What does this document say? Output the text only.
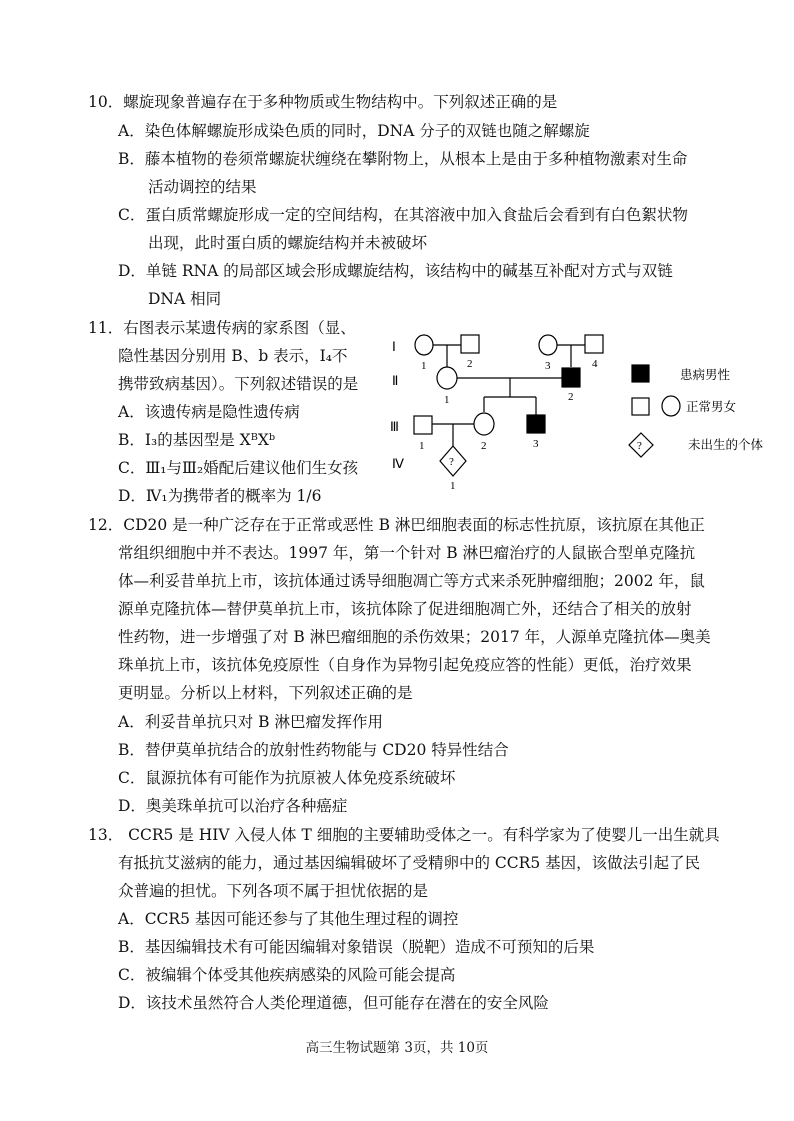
10．螺旋现象普遍存在于多种物质或生物结构中。下列叙述正确的是
A．染色体解螺旋形成染色质的同时，DNA 分子的双链也随之解螺旋
B．藤本植物的卷须常螺旋状缠绕在攀附物上，从根本上是由于多种植物激素对生命
活动调控的结果
C．蛋白质常螺旋形成一定的空间结构，在其溶液中加入食盐后会看到有白色絮状物
出现，此时蛋白质的螺旋结构并未被破坏
D．单链 RNA 的局部区域会形成螺旋结构，该结构中的碱基互补配对方式与双链
DNA 相同
11．右图表示某遗传病的家系图（显、
隐性基因分别用 B、b 表示，Ⅰ₄不
携带致病基因）。下列叙述错误的是
A．该遗传病是隐性遗传病
B．Ⅰ₃的基因型是 XᴮXᵇ
C．Ⅲ₁与Ⅲ₂婚配后建议他们生女孩
D．Ⅳ₁为携带者的概率为 1/6
Ⅰ
Ⅱ
Ⅲ
Ⅳ
1	2	3	4
1	2
1	2	3
1
?
?
患病男性
正常男女
未出生的个体
12．CD20 是一种广泛存在于正常或恶性 B 淋巴细胞表面的标志性抗原，该抗原在其他正
常组织细胞中并不表达。1997 年，第一个针对 B 淋巴瘤治疗的人鼠嵌合型单克隆抗
体—利妥昔单抗上市，该抗体通过诱导细胞凋亡等方式来杀死肿瘤细胞；2002 年，鼠
源单克隆抗体—替伊莫单抗上市，该抗体除了促进细胞凋亡外，还结合了相关的放射
性药物，进一步增强了对 B 淋巴瘤细胞的杀伤效果；2017 年，人源单克隆抗体—奥美
珠单抗上市，该抗体免疫原性（自身作为异物引起免疫应答的性能）更低，治疗效果
更明显。分析以上材料，下列叙述正确的是
A．利妥昔单抗只对 B 淋巴瘤发挥作用
B．替伊莫单抗结合的放射性药物能与 CD20 特异性结合
C．鼠源抗体有可能作为抗原被人体免疫系统破坏
D．奥美珠单抗可以治疗各种癌症
13． CCR5 是 HIV 入侵人体 T 细胞的主要辅助受体之一。有科学家为了使婴儿一出生就具
有抵抗艾滋病的能力，通过基因编辑破坏了受精卵中的 CCR5 基因，该做法引起了民
众普遍的担忧。下列各项不属于担忧依据的是
A．CCR5 基因可能还参与了其他生理过程的调控
B．基因编辑技术有可能因编辑对象错误（脱靶）造成不可预知的后果
C．被编辑个体受其他疾病感染的风险可能会提高
D．该技术虽然符合人类伦理道德，但可能存在潜在的安全风险
高三生物试题第 3页，共 10页
